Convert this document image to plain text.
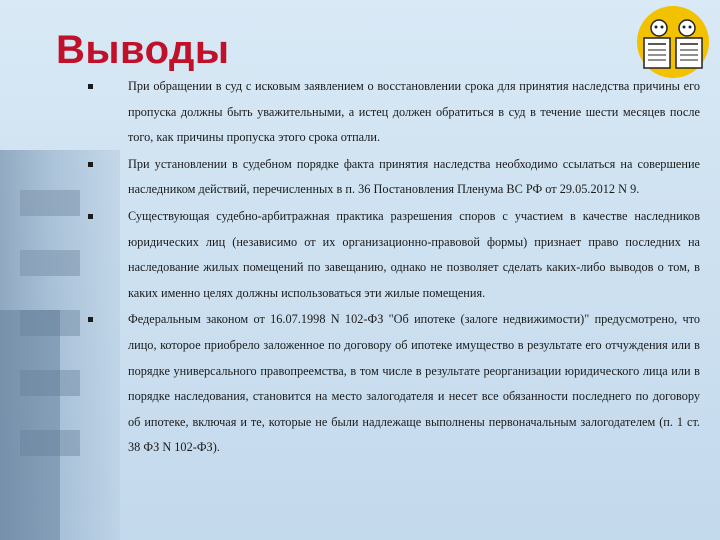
Выводы
При обращении в суд с исковым заявлением о восстановлении срока для принятия наследства причины его пропуска должны быть уважительными, а истец должен обратиться в суд в течение шести месяцев после того, как причины пропуска этого срока отпали.
При установлении в судебном порядке факта принятия наследства необходимо ссылаться на совершение наследником действий, перечисленных в п. 36 Постановления Пленума ВС РФ от 29.05.2012 N 9.
Существующая судебно-арбитражная практика разрешения споров с участием в качестве наследников юридических лиц (независимо от их организационно-правовой формы) признает право последних на наследование жилых помещений по завещанию, однако не позволяет сделать каких-либо выводов о том, в каких именно целях должны использоваться эти жилые помещения.
Федеральным законом от 16.07.1998 N 102-ФЗ "Об ипотеке (залоге недвижимости)" предусмотрено, что лицо, которое приобрело заложенное по договору об ипотеке имущество в результате его отчуждения или в порядке универсального правопреемства, в том числе в результате реорганизации юридического лица или в порядке наследования, становится на место залогодателя и несет все обязанности последнего по договору об ипотеке, включая и те, которые не были надлежаще выполнены первоначальным залогодателем (п. 1 ст. 38 ФЗ N 102-ФЗ).
